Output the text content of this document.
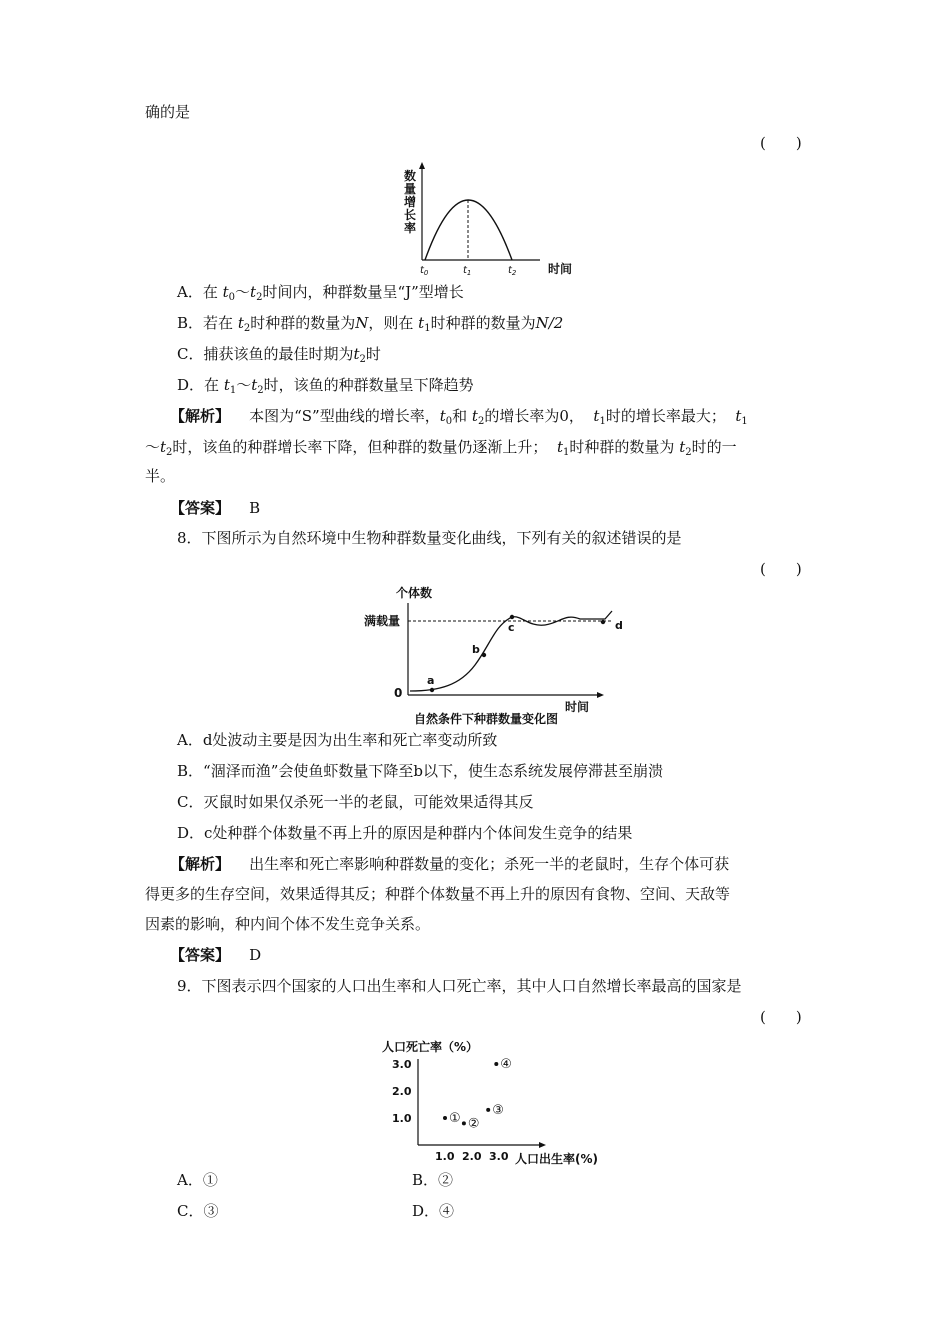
确的是
(　　)
数
量
增
长
率
$t_0$	$t_1$	$t_2$	时间
A．在 $t_0\sim t_2$时间内，种群数量呈“J”型增长
B．若在 $t_2$时种群的数量为N，则在 $t_1$时种群的数量为N/2
C．捕获该鱼的最佳时期为$t_2$时
D．在 $t_1\sim t_2$时，该鱼的种群数量呈下降趋势
【解析】 本图为“S”型曲线的增长率，$t_0$和 $t_2$的增长率为0， $t_1$时的增长率最大； $t_1$
$\sim t_2$时，该鱼的种群增长率下降，但种群的数量仍逐渐上升； $t_1$时种群的数量为 $t_2$时的一
半。
【答案】 B
8．下图所示为自然环境中生物种群数量变化曲线，下列有关的叙述错误的是
(　　)
个体数
满载量
0
a
b
c	d
时间
自然条件下种群数量变化图
A．d处波动主要是因为出生率和死亡率变动所致
B．“涸泽而渔”会使鱼虾数量下降至b以下，使生态系统发展停滞甚至崩溃
C．灭鼠时如果仅杀死一半的老鼠，可能效果适得其反
D．c处种群个体数量不再上升的原因是种群内个体间发生竞争的结果
【解析】 出生率和死亡率影响种群数量的变化；杀死一半的老鼠时，生存个体可获
得更多的生存空间，效果适得其反；种群个体数量不再上升的原因有食物、空间、天敌等
因素的影响，种内间个体不发生竞争关系。
【答案】 D
9．下图表示四个国家的人口出生率和人口死亡率，其中人口自然增长率最高的国家是
(　　)
人口死亡率（%）
1.0
2.0
3.0
1.0 2.0 3.0
① ②
③
④
人口出生率(%)
A．①	B．②
C．③	D．④
